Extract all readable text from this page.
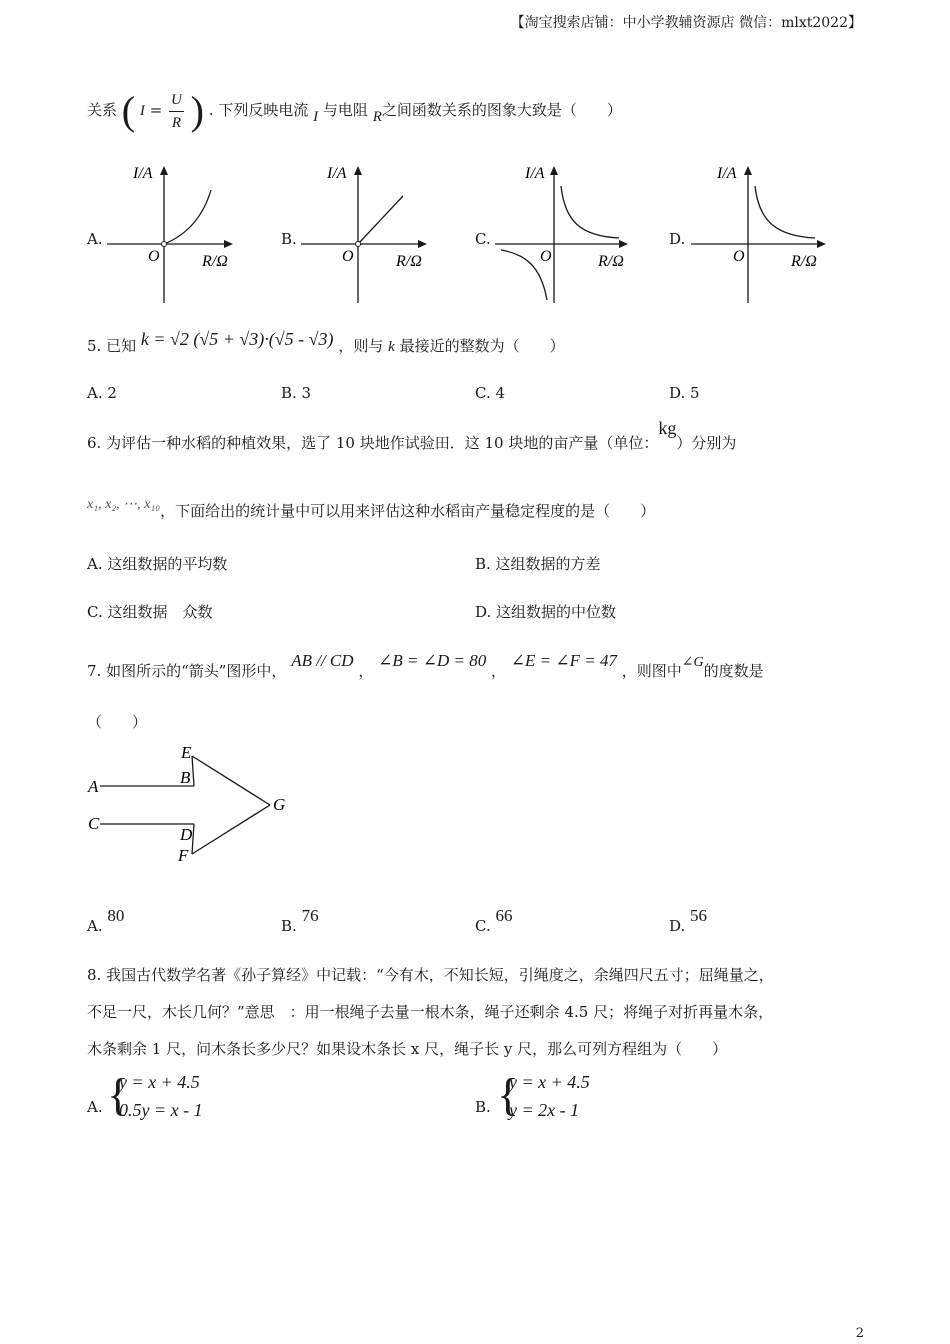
【淘宝搜索店铺：中小学教辅资源店 微信：mlxt2022】
关系 ( $I = \frac{U}{R}$ ) . 下列反映电流 I 与电阻 R之间函数关系的图象大致是（　　）
A.
I/A
R/Ω
O
B.
I/A
R/Ω
O
C.
I/A
R/Ω
O
D.
I/A
R/Ω
O
5. 已知 k = √2 (√5 + √3)·(√5 - √3) ，则与 k 最接近的整数为（　　）
A. 2	B. 3	C. 4	D. 5
6. 为评估一种水稻的种植效果，选了 10 块地作试验田．这 10 块地的亩产量（单位：kg）分别为
x₁, x₂, ⋯, x₁₀，下面给出的统计量中可以用来评估这种水稻亩产量稳定程度的是（　　）
A. 这组数据的平均数	B. 这组数据的方差
C. 这组数据　众数	D. 这组数据的中位数
7. 如图所示的“箭头”图形中， AB // CD ， ∠B = ∠D = 80 ， ∠E = ∠F = 47 ，则图中∠G的度数是
（　　）
A	B
C
D
E
F
G
A. 80
B. 76
C. 66
D. 56
8. 我国古代数学名著《孙子算经》中记载：“今有木，不知长短，引绳度之，余绳四尺五寸；屈绳量之，
不足一尺，木长几何？”意思　：用一根绳子去量一根木条，绳子还剩余 4.5 尺；将绳子对折再量木条，
木条剩余 1 尺，问木条长多少尺？如果设木条长 x 尺，绳子长 y 尺，那么可列方程组为（　　）
A. {
y = x + 4.5
0.5y = x - 1	B. {
y = x + 4.5
y = 2x - 1
2
